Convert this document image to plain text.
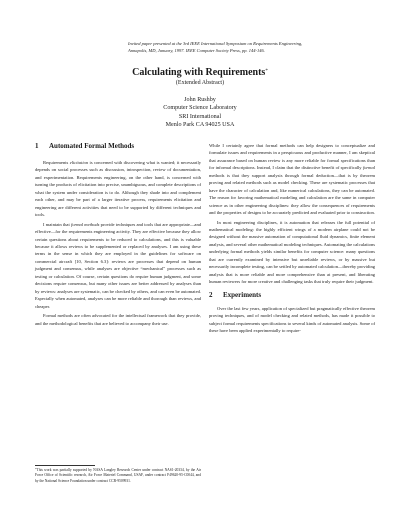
Invited paper presented at the 3rd IEEE International Symposium on Requirements Engineering,
Annapolis, MD, January, 1997. IEEE Computer Society Press, pp. 144-146.
Calculating with Requirements*
(Extended Abstract)
John Rushby
Computer Science Laboratory
SRI International
Menlo Park CA 94025 USA
1 Automated Formal Methods

Requirements elicitation is concerned with discovering what is wanted; it necessarily depends on social processes such as discussion, introspection, review of documentation, and experimentation. Requirements engineering, on the other hand, is concerned with turning the products of elicitation into precise, unambiguous, and complete descriptions of what the system under consideration is to do. Although they shade into and complement each other, and may be part of a larger iterative process, requirements elicitation and engineering are different activities that need to be supported by different techniques and tools.

I maintain that formal methods provide techniques and tools that are appropriate—and effective—for the requirements engineering activity. They are effective because they allow certain questions about requirements to be reduced to calculations, and this is valuable because it allows reviews to be supplemented or replaced by analyses. I am using these terms in the sense in which they are employed in the guidelines for software on commercial aircraft [10, Section 6.3]: reviews are processes that depend on human judgment and consensus, while analyses are objective “mechanical” processes such as testing or calculation. Of course, certain questions do require human judgment, and some decisions require consensus, but many other issues are better addressed by analyses than by reviews: analyses are systematic, can be checked by others, and can even be automated. Especially when automated, analyses can be more reliable and thorough than reviews, and cheaper.

Formal methods are often advocated for the intellectual framework that they provide, and the methodological benefits that are believed to accompany their use.

*This work was partially supported by NASA Langley Research Center under contract NAS1-20334, by the Air Force Office of Scientific research, Air Force Materiel Command, USAF, under contract F49620-95-C0044, and by the National Science Foundation under contract CCR-9509931.

While I certainly agree that formal methods can help designers to conceptualize and formulate issues and requirements in a perspicuous and productive manner, I am skeptical that assurance based on human review is any more reliable for formal specifications than for informal descriptions. Instead, I claim that the distinctive benefit of specifically formal methods is that they support analysis through formal deduction—that is by theorem proving and related methods such as model checking. These are systematic processes that have the character of calculation and, like numerical calculations, they can be automated. The reason for favoring mathematical modeling and calculation are the same in computer science as in other engineering disciplines: they allow the consequences of requirements and the properties of designs to be accurately predicted and evaluated prior to construction.

In most engineering disciplines, it is automation that releases the full potential of mathematical modeling: the highly efficient wings of a modern airplane could not be designed without the massive automation of computational fluid dynamics, finite element analysis, and several other mathematical modeling techniques. Automating the calculations underlying formal methods yields similar benefits for computer science: many questions that are currently examined by intensive but unreliable reviews, or by massive but necessarily incomplete testing, can be settled by automated calculation—thereby providing analysis that is more reliable and more comprehensive than at present, and liberating human reviewers for more creative and challenging tasks that truly require their judgment.

2 Experiments

Over the last few years, application of specialized but pragmatically effective theorem proving techniques, and of model checking and related methods, has made it possible to subject formal requirements specifications to several kinds of automated analysis. Some of these have been applied experimentally to require-
